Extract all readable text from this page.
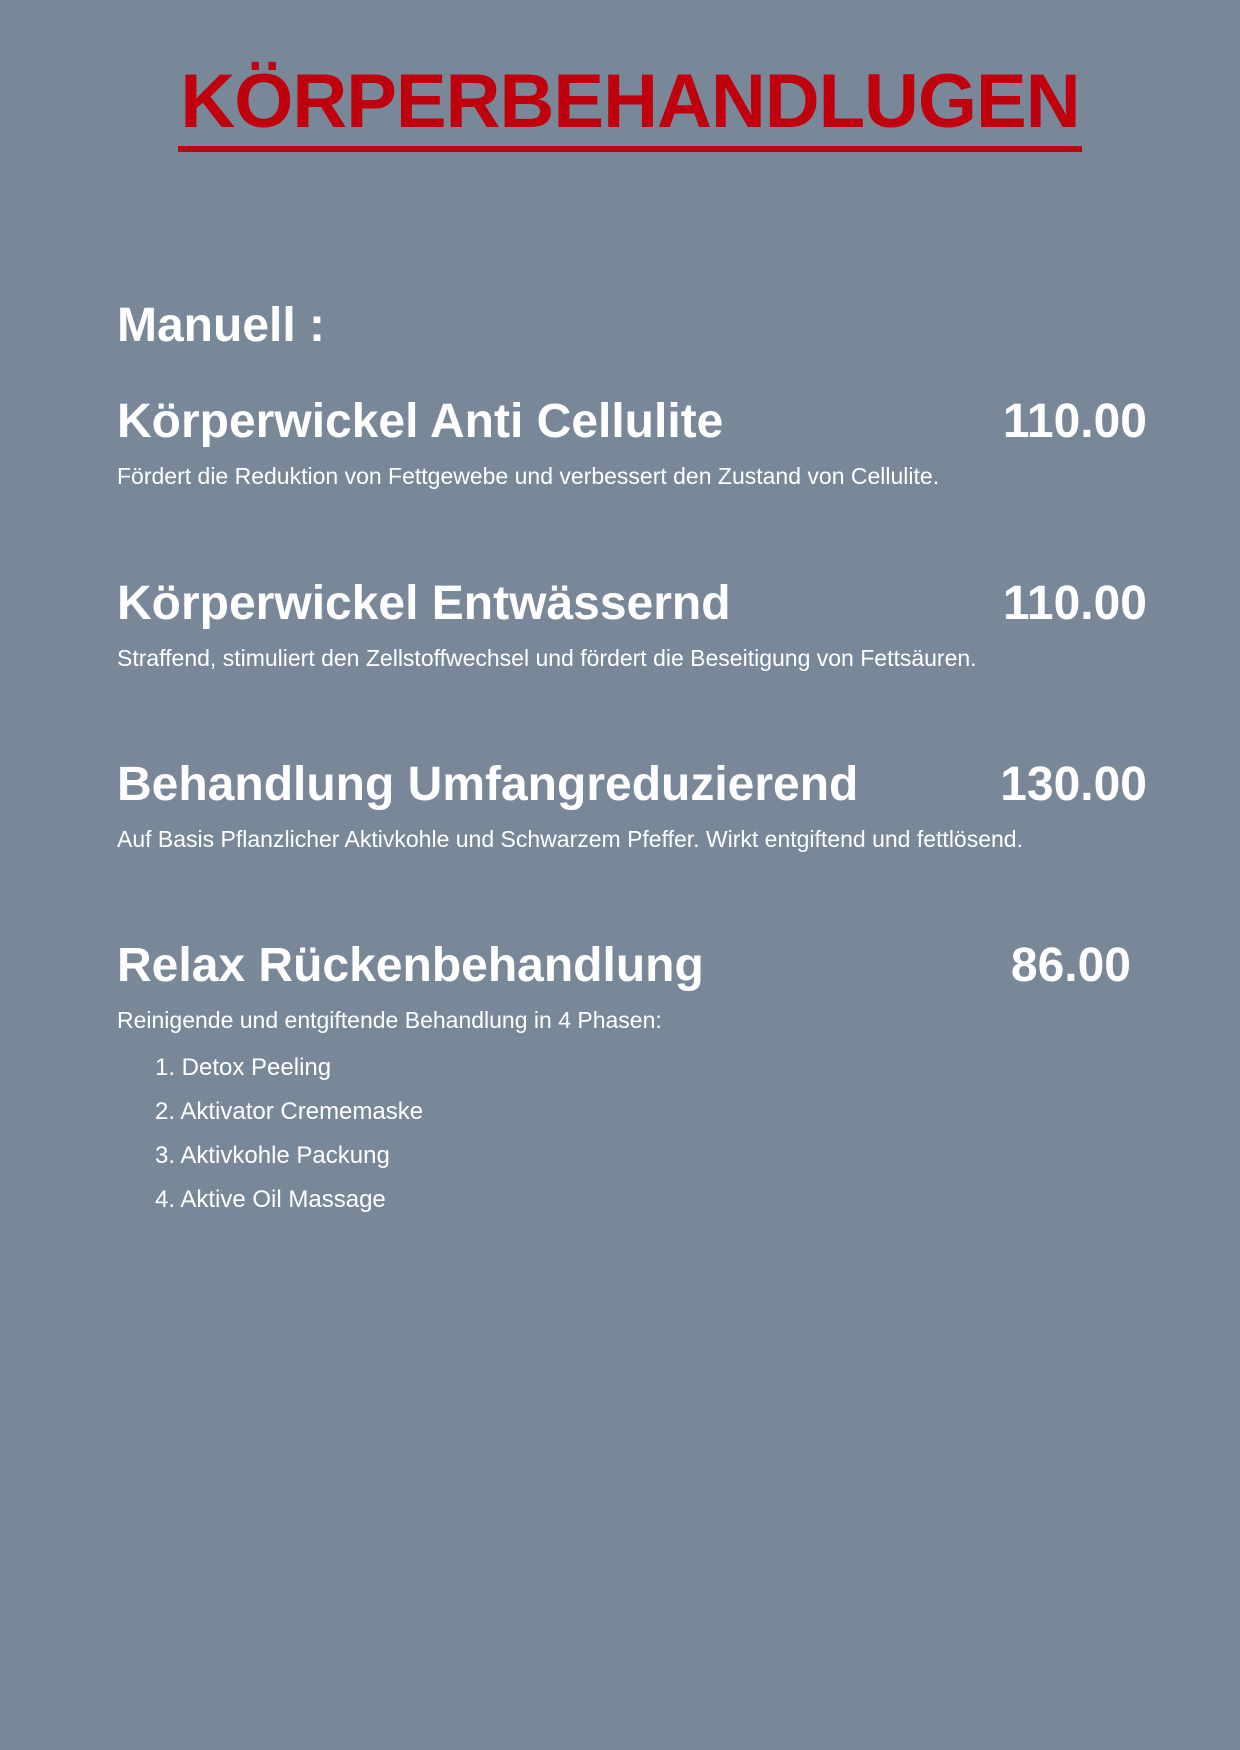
KÖRPERBEHANDLUGEN
Manuell :
Körperwickel Anti Cellulite	110.00
Fördert die Reduktion von Fettgewebe und verbessert den Zustand von Cellulite.
Körperwickel Entwässernd	110.00
Straffend, stimuliert den Zellstoffwechsel und fördert die Beseitigung von Fettsäuren.
Behandlung Umfangreduzierend	130.00
Auf Basis Pflanzlicher Aktivkohle und Schwarzem Pfeffer. Wirkt entgiftend und fettlösend.
Relax Rückenbehandlung	86.00
Reinigende und entgiftende Behandlung in 4 Phasen:
1. Detox Peeling
2. Aktivator Crememaske
3. Aktivkohle Packung
4. Aktive Oil Massage
